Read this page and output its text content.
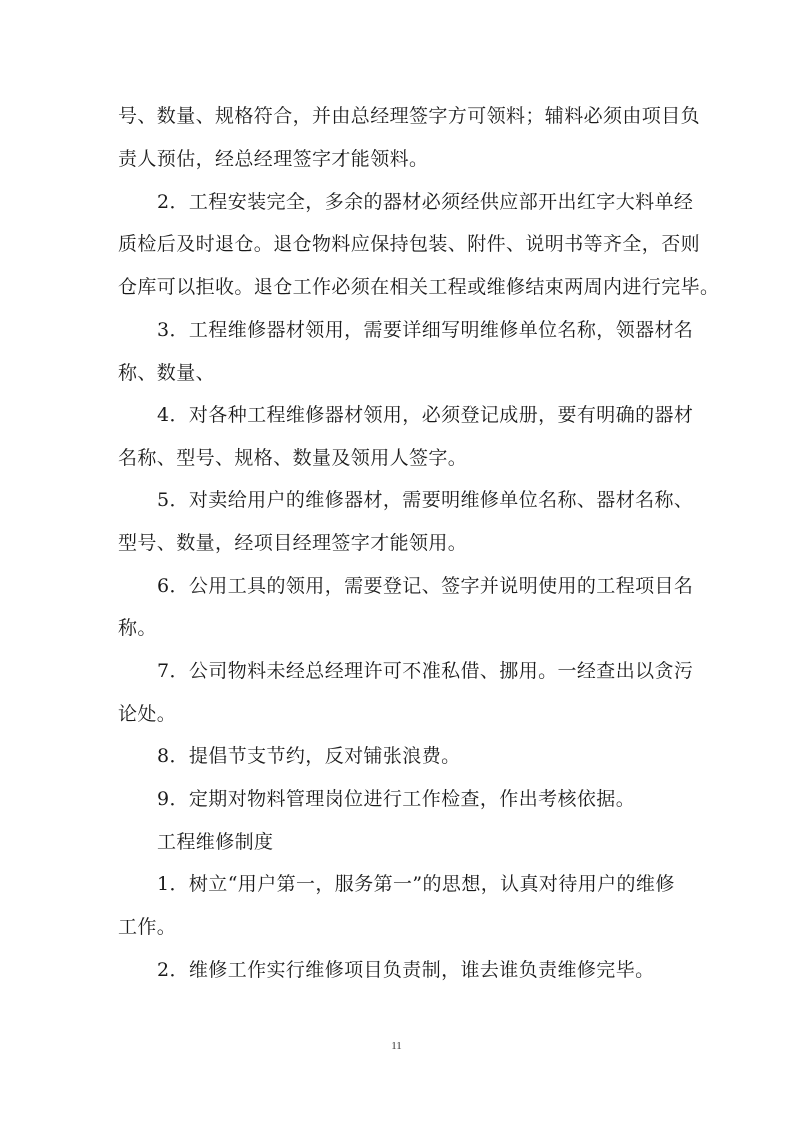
号、数量、规格符合，并由总经理签字方可领料；辅料必须由项目负
责人预估，经总经理签字才能领料。
2．工程安装完全，多余的器材必须经供应部开出红字大料单经
质检后及时退仓。退仓物料应保持包装、附件、说明书等齐全，否则
仓库可以拒收。退仓工作必须在相关工程或维修结束两周内进行完毕。
3．工程维修器材领用，需要详细写明维修单位名称，领器材名
称、数量、
4．对各种工程维修器材领用，必须登记成册，要有明确的器材
名称、型号、规格、数量及领用人签字。
5．对卖给用户的维修器材，需要明维修单位名称、器材名称、
型号、数量，经项目经理签字才能领用。
6．公用工具的领用，需要登记、签字并说明使用的工程项目名
称。
7．公司物料未经总经理许可不准私借、挪用。一经查出以贪污
论处。
8．提倡节支节约，反对铺张浪费。
9．定期对物料管理岗位进行工作检查，作出考核依据。
工程维修制度
1．树立“用户第一，服务第一”的思想，认真对待用户的维修
工作。
2．维修工作实行维修项目负责制，谁去谁负责维修完毕。
11
